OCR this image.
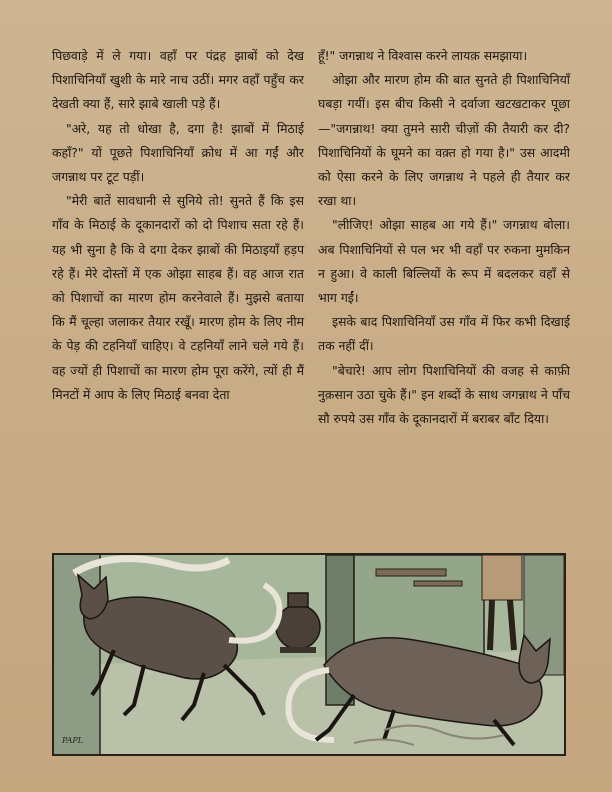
पिछवाड़े में ले गया। वहाँ पर पंद्रह झाबों को देख पिशाचिनियाँ खुशी के मारे नाच उठीं। मगर वहाँ पहुँच कर देखती क्या हैं, सारे झाबे खाली पड़े हैं।

"अरे, यह तो धोखा है, दगा है! झाबों में मिठाई कहाँ?" यों पूछते पिशाचिनियाँ क्रोध में आ गईं और जगन्नाथ पर टूट पड़ीं।

"मेरी बातें सावधानी से सुनिये तो! सुनते हैं कि इस गाँव के मिठाई के दूकानदारों को दो पिशाच सता रहे हैं। यह भी सुना है कि वे दगा देकर झाबों की मिठाइयाँ हड़प रहे हैं। मेरे दोस्तों में एक ओझा साहब हैं। वह आज रात को पिशाचों का मारण होम करनेवाले हैं। मुझसे बताया कि मैं चूल्हा जलाकर तैयार रखूँ। मारण होम के लिए नीम के पेड़ की टहनियाँ चाहिए। वे टहनियाँ लाने चले गये हैं। वह ज्यों ही पिशाचों का मारण होम पूरा करेंगे, त्यों ही मैं मिनटों में आप के लिए मिठाई बनवा देता

हूँ!" जगन्नाथ ने विश्वास करने लायक़ समझाया।

ओझा और मारण होम की बात सुनते ही पिशाचिनियाँ घबड़ा गयीं। इस बीच किसी ने दर्वाजा खटखटाकर पूछा—"जगन्नाथ! क्या तुमने सारी चीज़ों की तैयारी कर दी? पिशाचिनियों के घूमने का वक़्त हो गया है।" उस आदमी को ऐसा करने के लिए जगन्नाथ ने पहले ही तैयार कर रखा था।

"लीजिए! ओझा साहब आ गये हैं।" जगन्नाथ बोला। अब पिशाचिनियों से पल भर भी वहाँ पर रुकना मुमकिन न हुआ। वे काली बिल्लियों के रूप में बदलकर वहाँ से भाग गईं।

इसके बाद पिशाचिनियाँ उस गाँव में फिर कभी दिखाई तक नहीं दीं।

"बेचारे! आप लोग पिशाचिनियों की वजह से काफ़ी नुक़सान उठा चुके हैं।" इन शब्दों के साथ जगन्नाथ ने पाँच सौ रुपये उस गाँव के दूकानदारों में बराबर बाँट दिया।

PAPL
